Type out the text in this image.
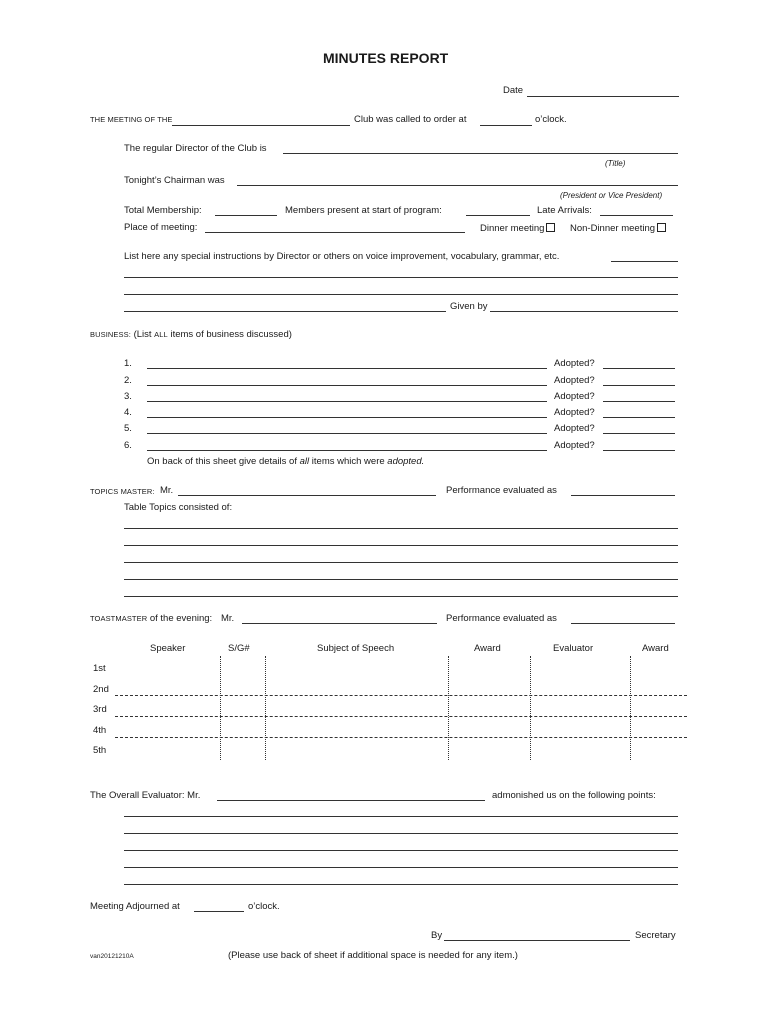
MINUTES REPORT
Date
THE MEETING OF THE	Club was called to order at	o’clock.
The regular Director of the Club is
(Title)
Tonight’s Chairman was
(President or Vice President)
Total Membership:	Members present at start of program:	Late Arrivals:
Place of meeting:	Dinner meeting	Non-Dinner meeting
List here any special instructions by Director or others on voice improvement, vocabulary, grammar, etc.
Given by
BUSINESS: (List ALL items of business discussed)
1.	Adopted?
2.	Adopted?
3.	Adopted?
4.	Adopted?
5.	Adopted?
6.	Adopted?
On back of this sheet give details of all items which were adopted.
TOPICS MASTER: Mr.	Performance evaluated as
Table Topics consisted of:
TOASTMASTER of the evening: Mr.	Performance evaluated as
Speaker	S/G#	Subject of Speech	Award	Evaluator	Award
1st
2nd
3rd
4th
5th
The Overall Evaluator: Mr.	admonished us on the following points:
Meeting Adjourned at	o’clock.
By	Secretary
van20121210A	(Please use back of sheet if additional space is needed for any item.)
